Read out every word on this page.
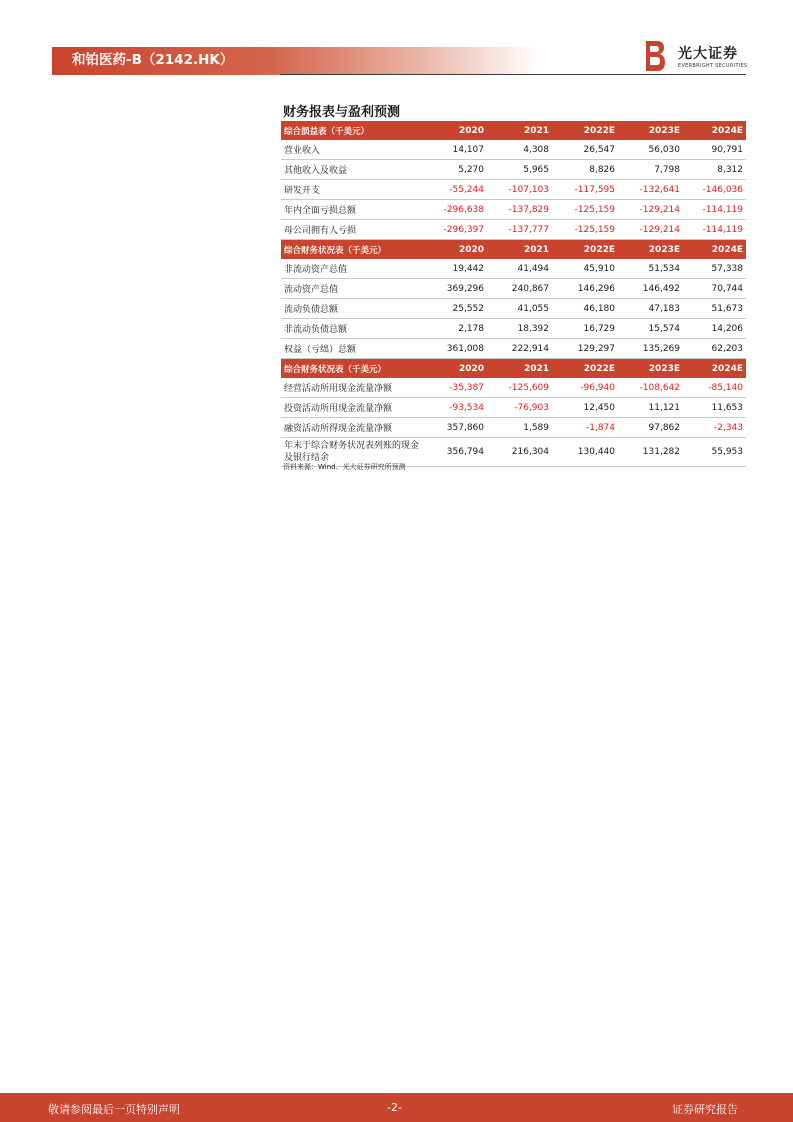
和铂医药-B（2142.HK）	光大证券
EVERBRIGHT SECURITIES
财务报表与盈利预测
综合损益表（千美元）	2020	2021	2022E	2023E	2024E
营业收入	14,107	4,308	26,547	56,030	90,791
其他收入及收益	5,270	5,965	8,826	7,798	8,312
研发开支	-55,244	-107,103	-117,595	-132,641	-146,036
年内全面亏损总额	-296,638	-137,829	-125,159	-129,214	-114,119
母公司拥有人亏损	-296,397	-137,777	-125,159	-129,214	-114,119
综合财务状况表（千美元）	2020	2021	2022E	2023E	2024E
非流动资产总值	19,442	41,494	45,910	51,534	57,338
流动资产总值	369,296	240,867	146,296	146,492	70,744
流动负债总额	25,552	41,055	46,180	47,183	51,673
非流动负债总额	2,178	18,392	16,729	15,574	14,206
权益（亏绌）总额	361,008	222,914	129,297	135,269	62,203
综合财务状况表（千美元）	2020	2021	2022E	2023E	2024E
经营活动所用现金流量净额	-35,387	-125,609	-96,940	-108,642	-85,140
投资活动所用现金流量净额	-93,534	-76,903	12,450	11,121	11,653
融资活动所得现金流量净额	357,860	1,589	-1,874	97,862	-2,343
年末于综合财务状况表列账的现金及银行结余	356,794	216,304	130,440	131,282	55,953
资料来源：Wind、光大证券研究所预测
敬请参阅最后一页特别声明	-2-	证券研究报告
